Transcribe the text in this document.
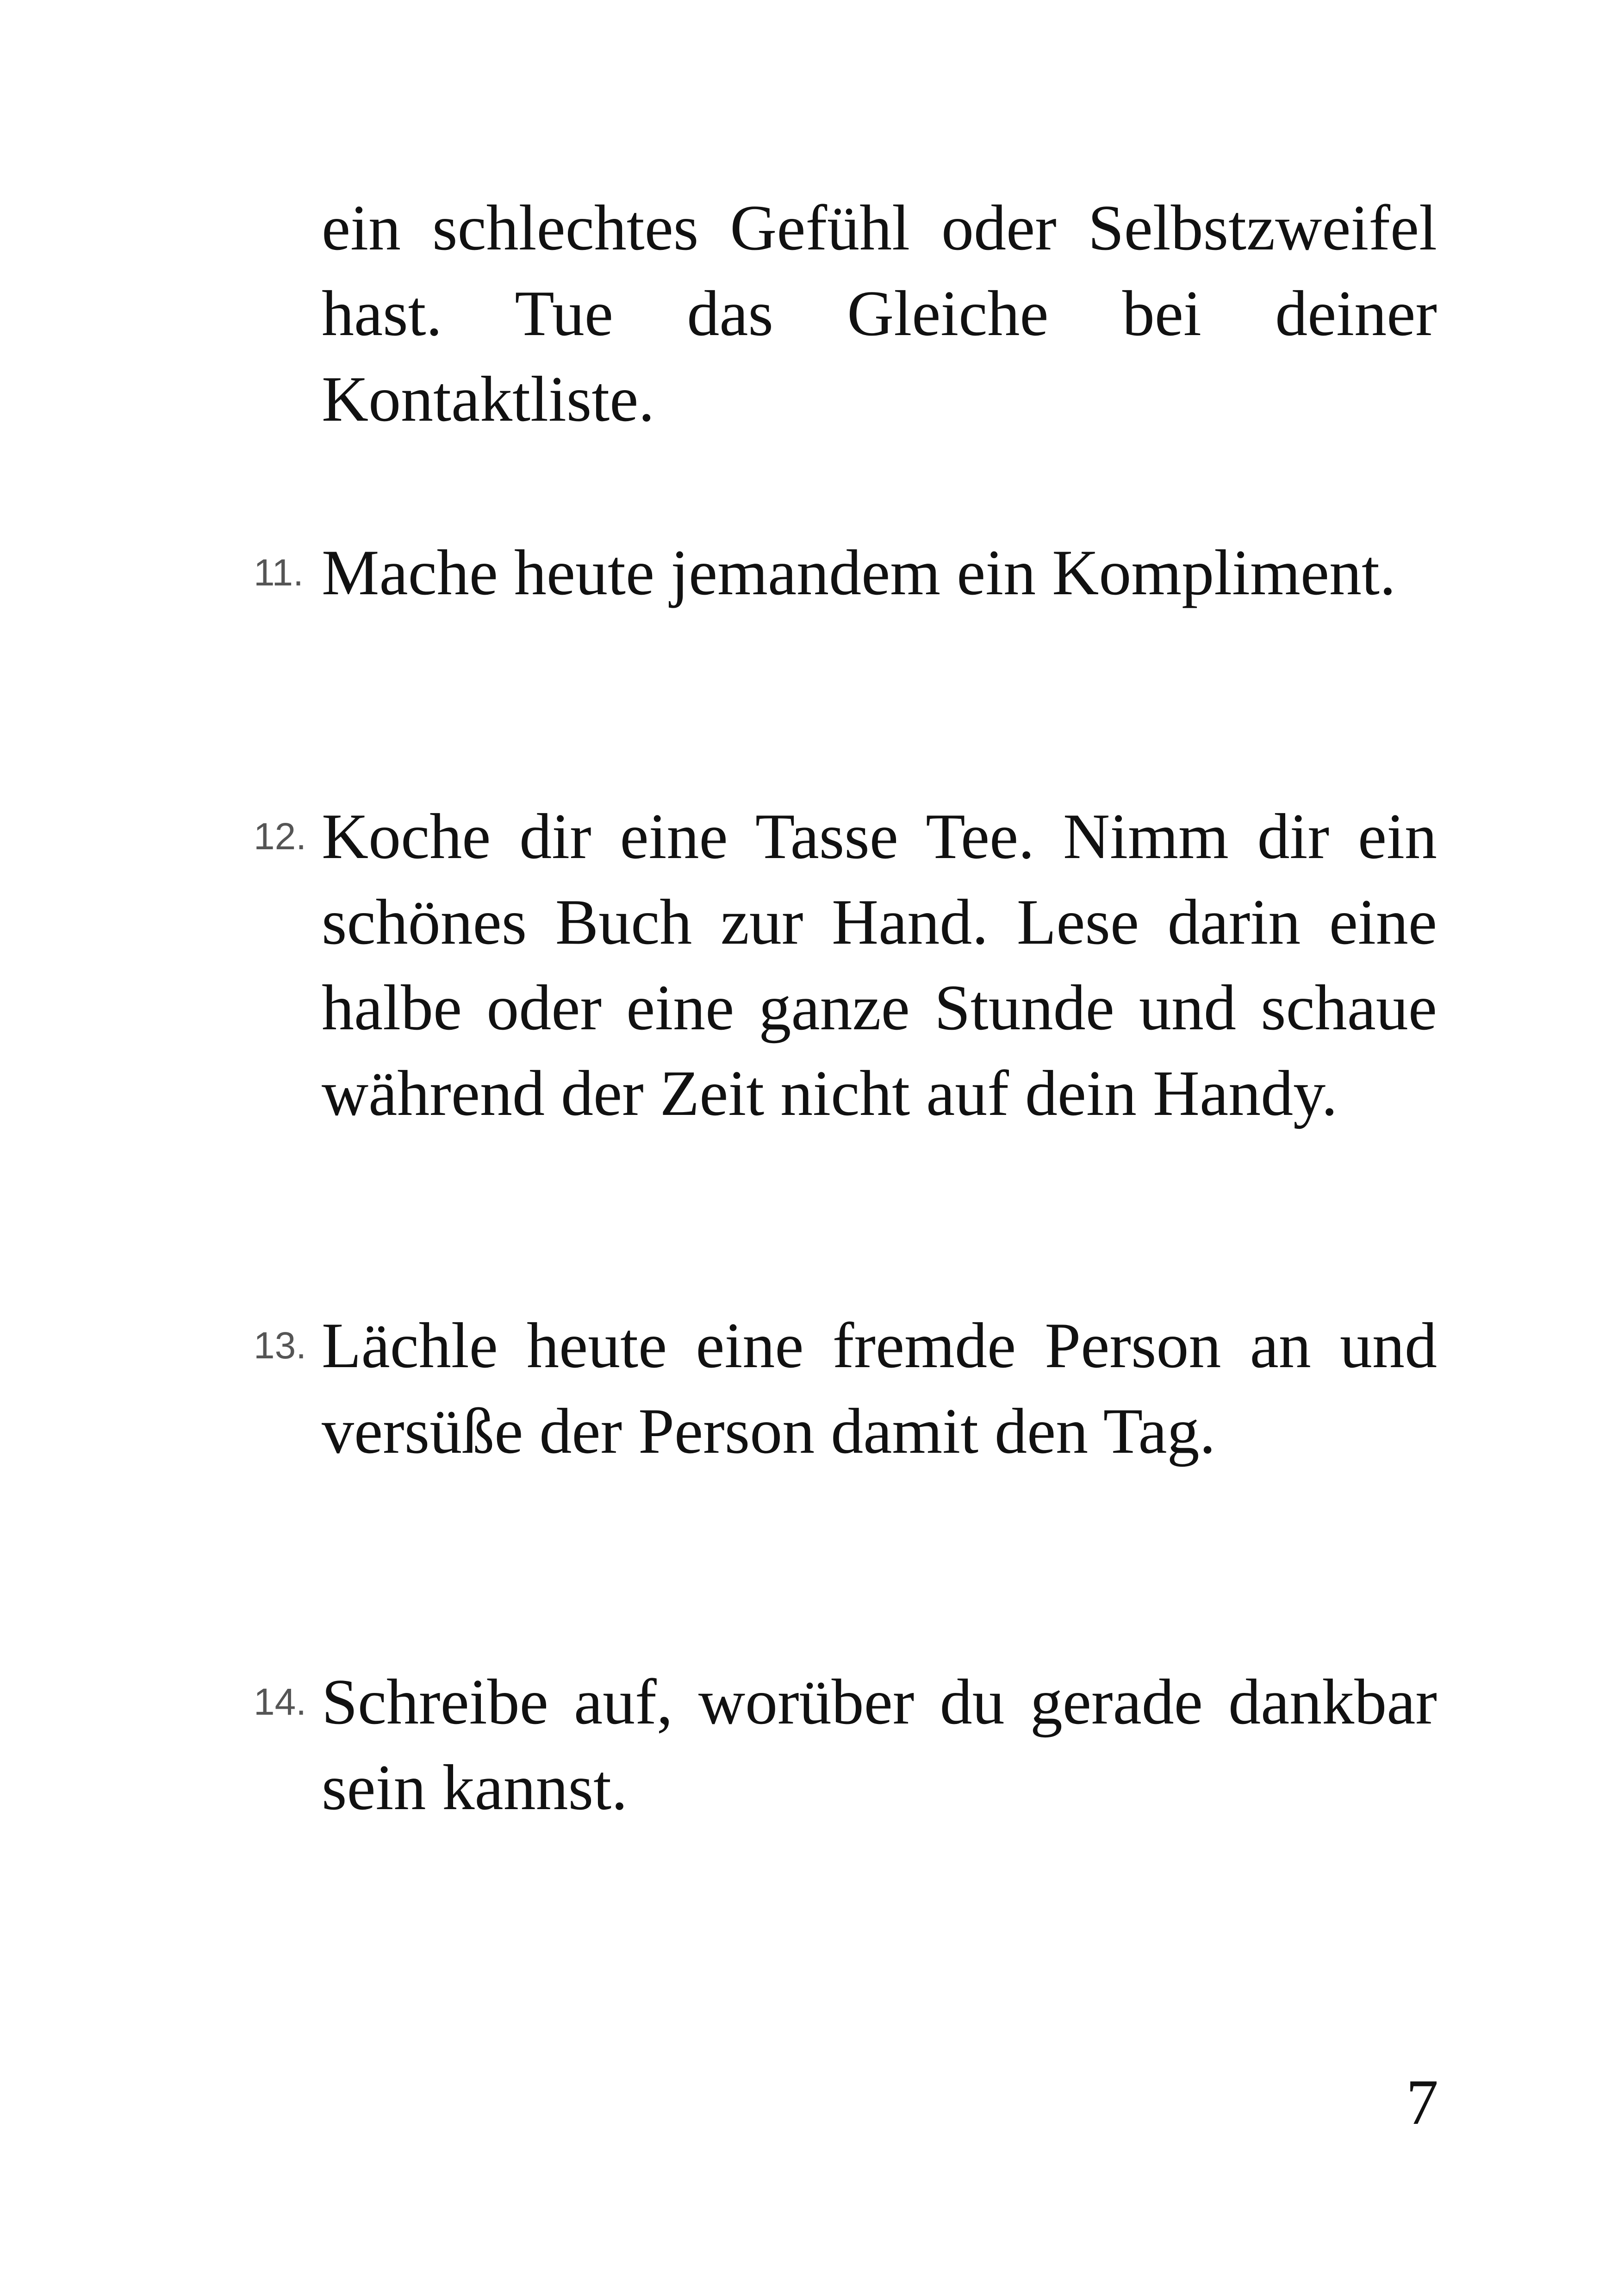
ein schlechtes Gefühl oder Selbstzweifel hast. Tue das Gleiche bei deiner Kontaktliste.

11. Mache heute jemandem ein Kompliment.

12. Koche dir eine Tasse Tee. Nimm dir ein schönes Buch zur Hand. Lese darin eine halbe oder eine ganze Stunde und schaue während der Zeit nicht auf dein Handy.

13. Lächle heute eine fremde Person an und versüße der Person damit den Tag.

14. Schreibe auf, worüber du gerade dankbar sein kannst.

7
